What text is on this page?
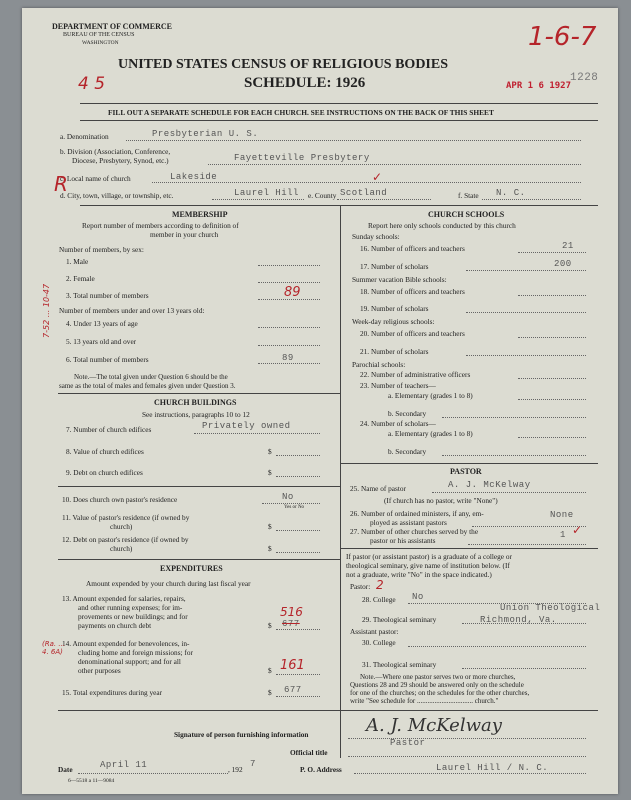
DEPARTMENT OF COMMERCE
BUREAU OF THE CENSUS
WASHINGTON
UNITED STATES CENSUS OF RELIGIOUS BODIES
SCHEDULE: 1926
1-6-7
4 5	APR 1 6 1927
1228
FILL OUT A SEPARATE SCHEDULE FOR EACH CHURCH. SEE INSTRUCTIONS ON THE BACK OF THIS SHEET
a. Denomination	Presbyterian U. S.
b. Division (Association, Conference,
Diocese, Presbytery, Synod, etc.)	Fayetteville Presbytery
c. Local name of church	Lakeside	✓
d. City, town, village, or township, etc.	Laurel Hill e. County Scotland	f. State N. C.
R
7-52 ... 10-47
MEMBERSHIP
Report number of members according to definition of
member in your church
Number of members, by sex:
1. Male
2. Female
3. Total number of members	89
Number of members under and over 13 years old:
4. Under 13 years of age
5. 13 years old and over
6. Total number of members	89
Note.—The total given under Question 6 should be the
same as the total of males and females given under Question 3.
CHURCH BUILDINGS
See instructions, paragraphs 10 to 12
7. Number of church edifices	Privately owned
8. Value of church edifices	$
9. Debt on church edifices	$
10. Does church own pastor's residence	No
Yes or No
11. Value of pastor's residence (if owned by
church)	$
12. Debt on pastor's residence (if owned by
church)	$
EXPENDITURES
Amount expended by your church during last fiscal year
13. Amount expended for salaries, repairs,
and other running expenses; for im-
provements or new buildings; and for
payments on church debt	$
516
677
14. Amount expended for benevolences, in-
cluding home and foreign missions; for
denominational support; and for all
other purposes	$ 161
(Ra. ... 4. 6A)
15. Total expenditures during year	$ 677
CHURCH SCHOOLS
Report here only schools conducted by this church
Sunday schools:
16. Number of officers and teachers	21
17. Number of scholars	200
Summer vacation Bible schools:
18. Number of officers and teachers
19. Number of scholars
Week-day religious schools:
20. Number of officers and teachers
21. Number of scholars
Parochial schools:
22. Number of administrative officers
23. Number of teachers—
a. Elementary (grades 1 to 8)
b. Secondary
24. Number of scholars—
a. Elementary (grades 1 to 8)
b. Secondary
PASTOR
25. Name of pastor	A. J. McKelway
(If church has no pastor, write "None")
26. Number of ordained ministers, if any, em-
ployed as assistant pastors
None
27. Number of other churches served by the
pastor or his assistants
1 ✓
If pastor (or assistant pastor) is a graduate of a college or
theological seminary, give name of institution below. (If
not a graduate, write "No" in the space indicated.)
Pastor: 2
28. College No
29. Theological seminary
Union Theological
Richmond, Va.
Assistant pastor:
30. College
31. Theological seminary
Note.—Where one pastor serves two or more churches,
Questions 28 and 29 should be answered only on the schedule
for one of the churches; on the schedules for the other churches,
write "See schedule for ................................ church."
Signature of person furnishing information	A. J. McKelway
Official title
Pastor
Date	April 11	, 192
7
P. O. Address	Laurel Hill / N. C.
6—5518 a 11—9084
